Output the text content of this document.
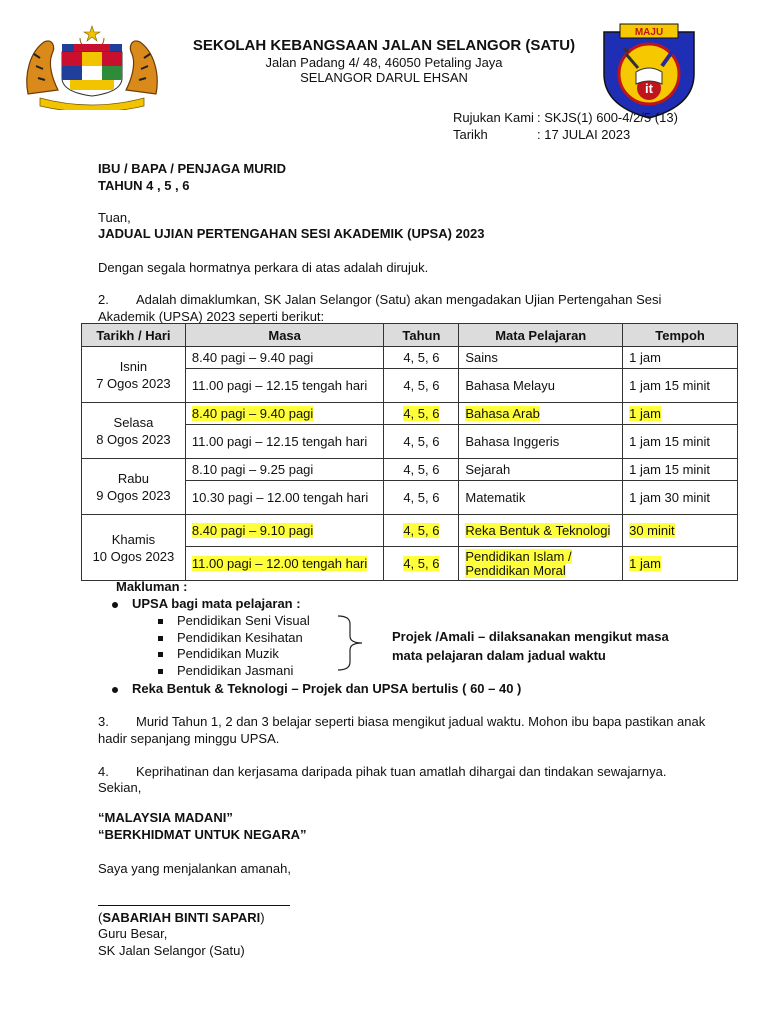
MAJU
it
SEKOLAH KEBANGSAAN JALAN SELANGOR (SATU)
Jalan Padang 4/ 48, 46050 Petaling Jaya
SELANGOR DARUL EHSAN
Rujukan Kami : SKJS(1) 600-4/2/5 (13)
Tarikh	: 17 JULAI 2023
IBU / BAPA / PENJAGA MURID
TAHUN 4 , 5 , 6
Tuan,
JADUAL UJIAN PERTENGAHAN SESI AKADEMIK (UPSA) 2023
Dengan segala hormatnya perkara di atas adalah dirujuk.
2. Adalah dimaklumkan, SK Jalan Selangor (Satu) akan mengadakan Ujian Pertengahan Sesi Akademik (UPSA) 2023 seperti berikut:
Tarikh / Hari	Masa	Tahun	Mata Pelajaran	Tempoh

Isnin
7 Ogos 2023	8.40 pagi – 9.40 pagi	4, 5, 6	Sains	1 jam
	11.00 pagi – 12.15 tengah hari	4, 5, 6	Bahasa Melayu	1 jam 15 minit

Selasa
8 Ogos 2023	8.40 pagi – 9.40 pagi	4, 5, 6	Bahasa Arab	1 jam
	11.00 pagi – 12.15 tengah hari	4, 5, 6	Bahasa Inggeris	1 jam 15 minit

Rabu
9 Ogos 2023	8.10 pagi – 9.25 pagi	4, 5, 6	Sejarah	1 jam 15 minit
	10.30 pagi – 12.00 tengah hari	4, 5, 6	Matematik	1 jam 30 minit

Khamis
10 Ogos 2023	8.40 pagi – 9.10 pagi	4, 5, 6	Reka Bentuk & Teknologi	30 minit
	11.00 pagi – 12.00 tengah hari	4, 5, 6	Pendidikan Islam / Pendidikan Moral	1 jam
Makluman :
UPSA bagi mata pelajaran :
Pendidikan Seni Visual
Pendidikan Kesihatan
Pendidikan Muzik
Pendidikan Jasmani
Projek /Amali – dilaksanakan mengikut masa
mata pelajaran dalam jadual waktu
Reka Bentuk & Teknologi – Projek dan UPSA bertulis ( 60 – 40 )
3. Murid Tahun 1, 2 dan 3 belajar seperti biasa mengikut jadual waktu. Mohon ibu bapa pastikan anak hadir sepanjang minggu UPSA.
4. Keprihatinan dan kerjasama daripada pihak tuan amatlah dihargai dan tindakan sewajarnya.
Sekian,
“MALAYSIA MADANI”
“BERKHIDMAT UNTUK NEGARA”
Saya yang menjalankan amanah,
(SABARIAH BINTI SAPARI)
Guru Besar,
SK Jalan Selangor (Satu)
